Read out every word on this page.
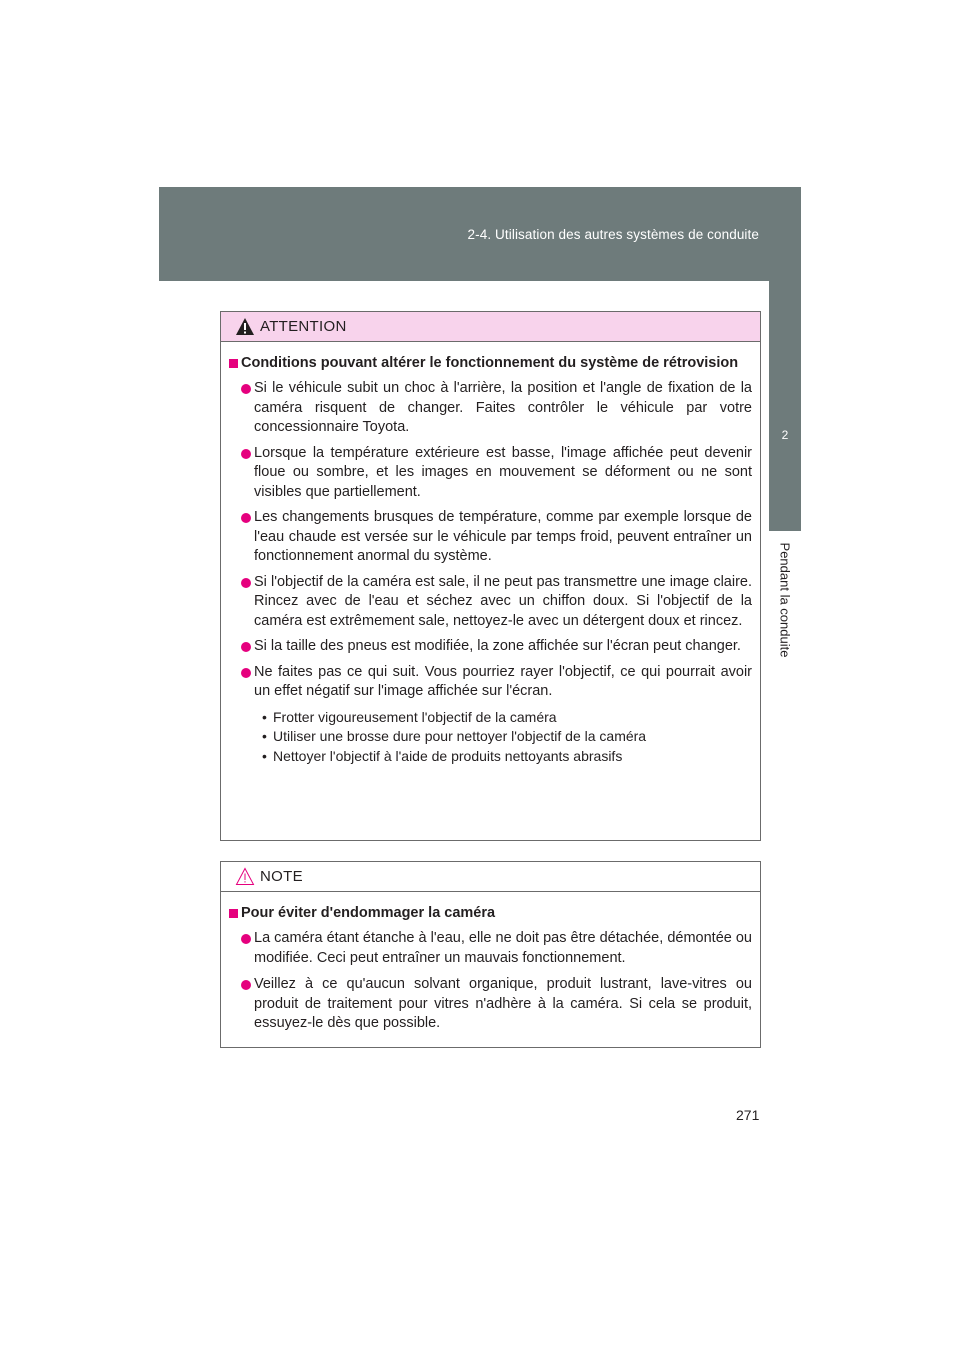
2-4. Utilisation des autres systèmes de conduite
2
Pendant la conduite
ATTENTION
Conditions pouvant altérer le fonctionnement du système de rétrovision
Si le véhicule subit un choc à l'arrière, la position et l'angle de fixation de la caméra risquent de changer. Faites contrôler le véhicule par votre concessionnaire Toyota.
Lorsque la température extérieure est basse, l'image affichée peut devenir floue ou sombre, et les images en mouvement se déforment ou ne sont visibles que partiellement.
Les changements brusques de température, comme par exemple lorsque de l'eau chaude est versée sur le véhicule par temps froid, peuvent entraîner un fonctionnement anormal du système.
Si l'objectif de la caméra est sale, il ne peut pas transmettre une image claire. Rincez avec de l'eau et séchez avec un chiffon doux. Si l'objectif de la caméra est extrêmement sale, nettoyez-le avec un détergent doux et rincez.
Si la taille des pneus est modifiée, la zone affichée sur l'écran peut changer.
Ne faites pas ce qui suit. Vous pourriez rayer l'objectif, ce qui pourrait avoir un effet négatif sur l'image affichée sur l'écran.
• Frotter vigoureusement l'objectif de la caméra
• Utiliser une brosse dure pour nettoyer l'objectif de la caméra
• Nettoyer l'objectif à l'aide de produits nettoyants abrasifs
NOTE
Pour éviter d'endommager la caméra
La caméra étant étanche à l'eau, elle ne doit pas être détachée, démontée ou modifiée. Ceci peut entraîner un mauvais fonctionnement.
Veillez à ce qu'aucun solvant organique, produit lustrant, lave-vitres ou produit de traitement pour vitres n'adhère à la caméra. Si cela se produit, essuyez-le dès que possible.
271
